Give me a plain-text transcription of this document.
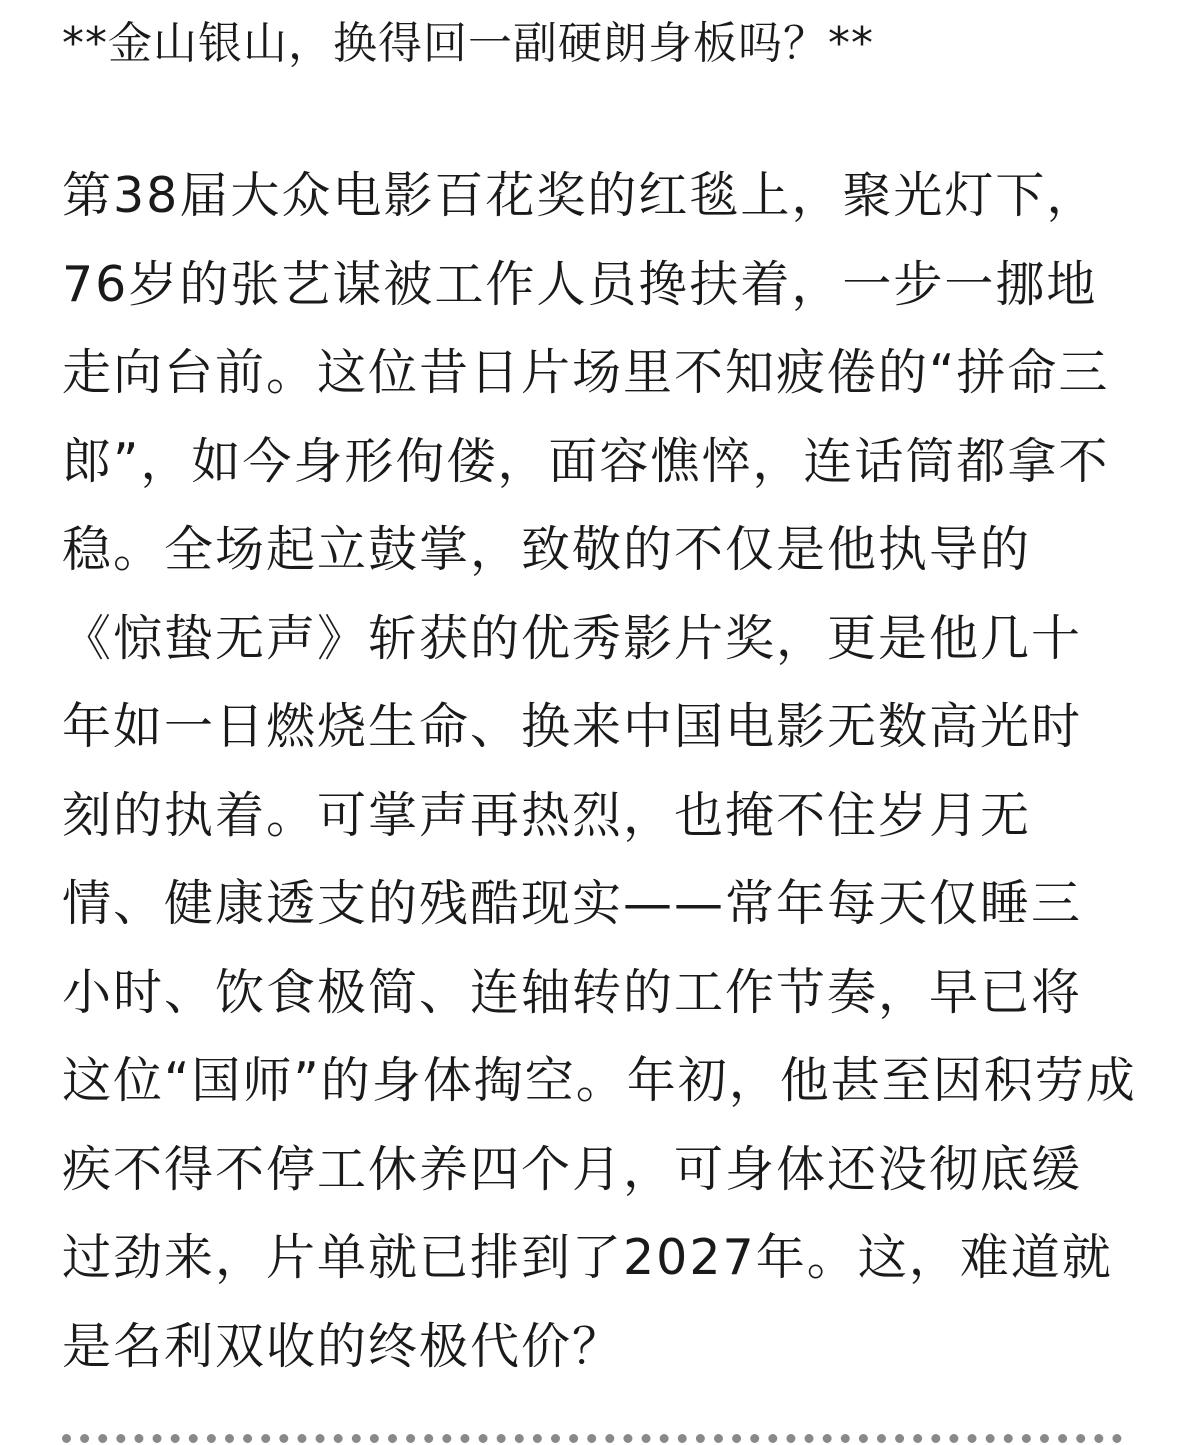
**金山银山，换得回一副硬朗身板吗？**
第38届大众电影百花奖的红毯上，聚光灯下，
76岁的张艺谋被工作人员搀扶着，一步一挪地
走向台前。这位昔日片场里不知疲倦的“拼命三
郎”，如今身形佝偻，面容憔悴，连话筒都拿不
稳。全场起立鼓掌，致敬的不仅是他执导的
《惊蛰无声》斩获的优秀影片奖，更是他几十
年如一日燃烧生命、换来中国电影无数高光时
刻的执着。可掌声再热烈，也掩不住岁月无
情、健康透支的残酷现实——常年每天仅睡三
小时、饮食极简、连轴转的工作节奏，早已将
这位“国师”的身体掏空。年初，他甚至因积劳成
疾不得不停工休养四个月，可身体还没彻底缓
过劲来，片单就已排到了2027年。这，难道就
是名利双收的终极代价？
